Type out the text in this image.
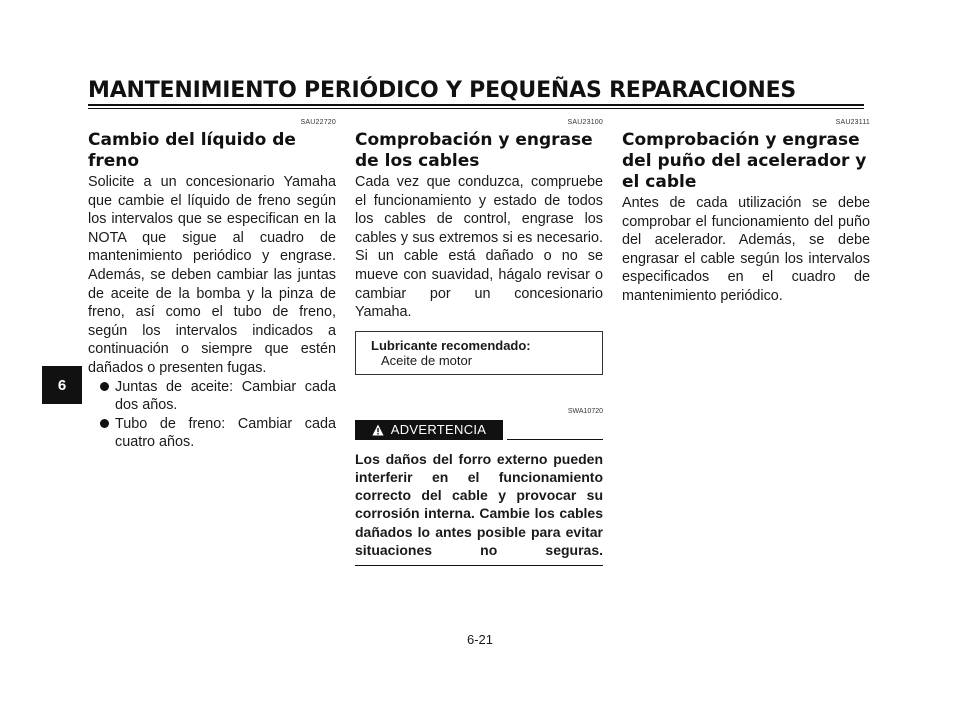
MANTENIMIENTO PERIÓDICO Y PEQUEÑAS REPARACIONES
6
SAU22720
Cambio del líquido de freno

Solicite a un concesionario Yamaha que cambie el líquido de freno según los intervalos que se especifican en la NOTA que sigue al cuadro de mantenimiento periódico y engrase. Además, se deben cambiar las juntas de aceite de la bomba y la pinza de freno, así como el tubo de freno, según los intervalos indicados a continuación o siempre que estén dañados o presenten fugas.

Juntas de aceite: Cambiar cada dos años.
Tubo de freno: Cambiar cada cuatro años.
SAU23100
Comprobación y engrase de los cables

Cada vez que conduzca, compruebe el funcionamiento y estado de todos los cables de control, engrase los cables y sus extremos si es necesario. Si un cable está dañado o no se mueve con suavidad, hágalo revisar o cambiar por un concesionario Yamaha.

Lubricante recomendado:
Aceite de motor
SWA10720
ADVERTENCIA
Los daños del forro externo pueden interferir en el funcionamiento correcto del cable y provocar su corrosión interna. Cambie los cables dañados lo antes posible para evitar situaciones no seguras.
SAU23111
Comprobación y engrase del puño del acelerador y el cable

Antes de cada utilización se debe comprobar el funcionamiento del puño del acelerador. Además, se debe engrasar el cable según los intervalos especificados en el cuadro de mantenimiento periódico.

6-21
